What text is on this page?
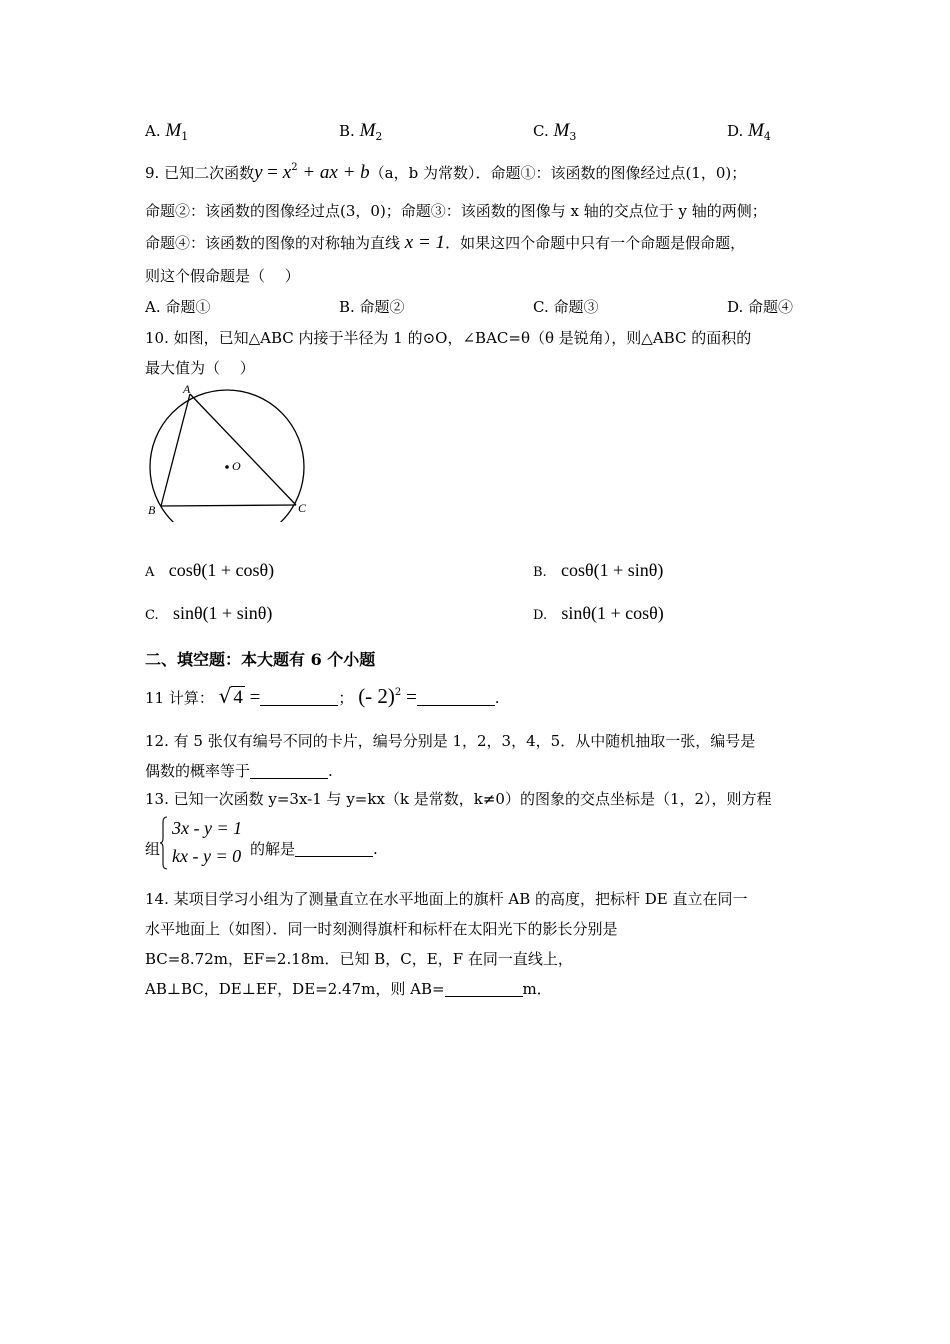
A. $M_1$	B. $M_2$	C. $M_3$	D. $M_4$
9. 已知二次函数$y = x^2$ + ax + b（a，b 为常数）．命题①：该函数的图像经过点(1，0)；
命题②：该函数的图像经过点(3，0)；命题③：该函数的图像与 x 轴的交点位于 y 轴的两侧；
命题④：该函数的图像的对称轴为直线 x = 1．如果这四个命题中只有一个命题是假命题，
则这个假命题是（　 ）
A. 命题①	B. 命题②	C. 命题③	D. 命题④
10. 如图，已知△ABC 内接于半径为 1 的⊙O，∠BAC=θ（θ 是锐角），则△ABC 的面积的
最大值为（　 ）
A
B	C
O
A cosθ(1 + cosθ)	B. cosθ(1 + sinθ)
C. sinθ(1 + sinθ)	D. sinθ(1 + cosθ)
二、填空题：本大题有 6 个小题
11 计算： √ 4 =	； (- 2)$^2$ =	.
12. 有 5 张仅有编号不同的卡片，编号分别是 1，2，3，4，5．从中随机抽取一张，编号是
偶数的概率等于	.
13. 已知一次函数 y=3x-1 与 y=kx（k 是常数，k≠0）的图象的交点坐标是（1，2），则方程
组
3x - y = 1
kx - y = 0 的解是	.
14. 某项目学习小组为了测量直立在水平地面上的旗杆 AB 的高度，把标杆 DE 直立在同一
水平地面上（如图）．同一时刻测得旗杆和标杆在太阳光下的影长分别是
BC=8.72m，EF=2.18m．已知 B，C，E，F 在同一直线上，
AB⊥BC，DE⊥EF，DE=2.47m，则 AB=	m．
